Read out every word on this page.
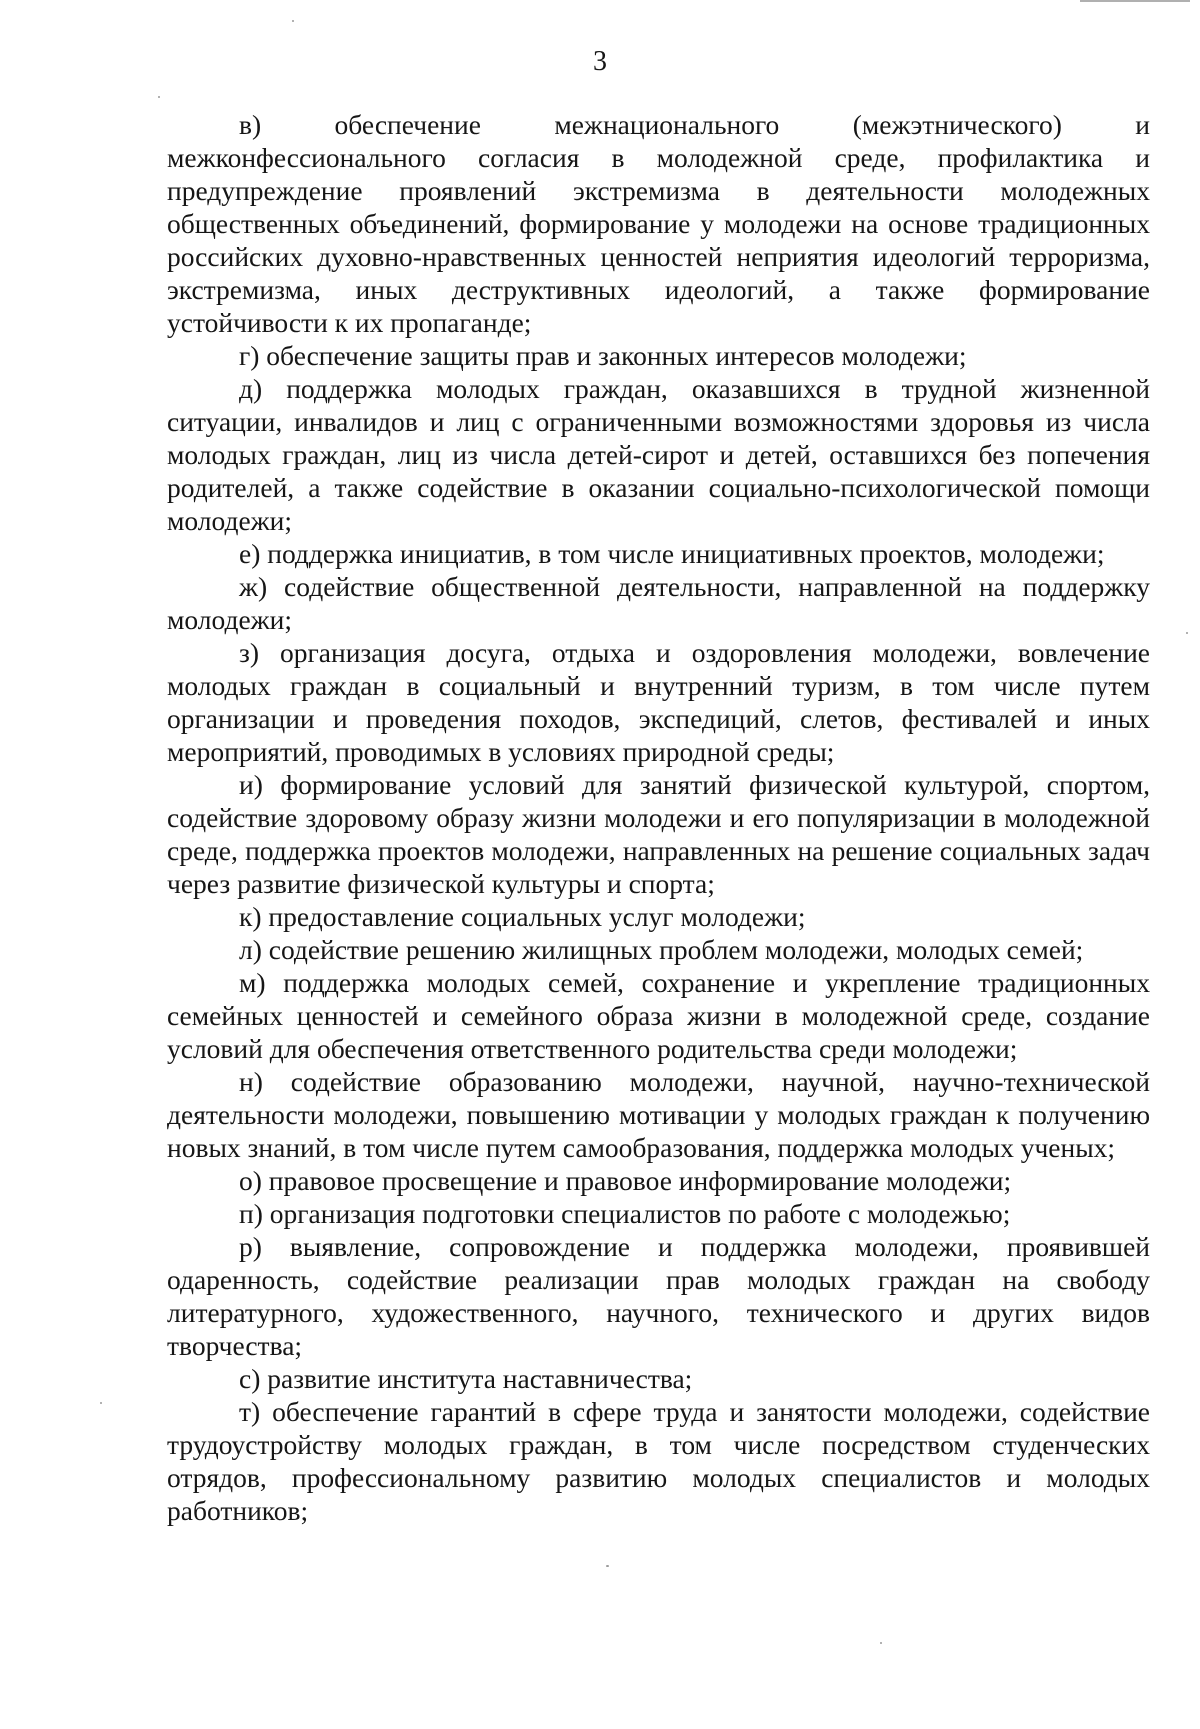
3

в) обеспечение межнационального (межэтнического) и межконфессионального согласия в молодежной среде, профилактика и предупреждение проявлений экстремизма в деятельности молодежных общественных объединений, формирование у молодежи на основе традиционных российских духовно-нравственных ценностей неприятия идеологий терроризма, экстремизма, иных деструктивных идеологий, а также формирование устойчивости к их пропаганде;

г) обеспечение защиты прав и законных интересов молодежи;

д) поддержка молодых граждан, оказавшихся в трудной жизненной ситуации, инвалидов и лиц с ограниченными возможностями здоровья из числа молодых граждан, лиц из числа детей-сирот и детей, оставшихся без попечения родителей, а также содействие в оказании социально-психологической помощи молодежи;

е) поддержка инициатив, в том числе инициативных проектов, молодежи;

ж) содействие общественной деятельности, направленной на поддержку молодежи;

з) организация досуга, отдыха и оздоровления молодежи, вовлечение молодых граждан в социальный и внутренний туризм, в том числе путем организации и проведения походов, экспедиций, слетов, фестивалей и иных мероприятий, проводимых в условиях природной среды;

и) формирование условий для занятий физической культурой, спортом, содействие здоровому образу жизни молодежи и его популяризации в молодежной среде, поддержка проектов молодежи, направленных на решение социальных задач через развитие физической культуры и спорта;

к) предоставление социальных услуг молодежи;

л) содействие решению жилищных проблем молодежи, молодых семей;

м) поддержка молодых семей, сохранение и укрепление традиционных семейных ценностей и семейного образа жизни в молодежной среде, создание условий для обеспечения ответственного родительства среди молодежи;

н) содействие образованию молодежи, научной, научно-технической деятельности молодежи, повышению мотивации у молодых граждан к получению новых знаний, в том числе путем самообразования, поддержка молодых ученых;

о) правовое просвещение и правовое информирование молодежи;

п) организация подготовки специалистов по работе с молодежью;

р) выявление, сопровождение и поддержка молодежи, проявившей одаренность, содействие реализации прав молодых граждан на свободу литературного, художественного, научного, технического и других видов творчества;

с) развитие института наставничества;

т) обеспечение гарантий в сфере труда и занятости молодежи, содействие трудоустройству молодых граждан, в том числе посредством студенческих отрядов, профессиональному развитию молодых специалистов и молодых работников;
